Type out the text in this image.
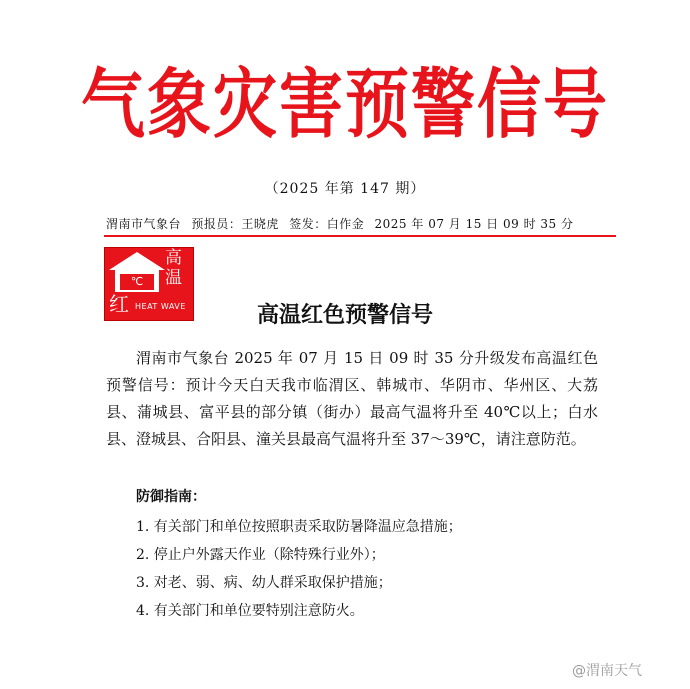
气象灾害预警信号
（2025 年第 147 期）
渭南市气象台 预报员：王晓虎 签发：白作金 2025 年 07 月 15 日 09 时 35 分
℃
高
温
红 HEAT WAVE	高温红色预警信号
渭南市气象台 2025 年 07 月 15 日 09 时 35 分升级发布高温红色预警信号：预计今天白天我市临渭区、韩城市、华阴市、华州区、大荔县、蒲城县、富平县的部分镇（街办）最高气温将升至 40℃以上；白水县、澄城县、合阳县、潼关县最高气温将升至 37～39℃，请注意防范。
防御指南：
1. 有关部门和单位按照职责采取防暑降温应急措施；
2. 停止户外露天作业（除特殊行业外）；
3. 对老、弱、病、幼人群采取保护措施；
4. 有关部门和单位要特别注意防火。
@渭南天气
